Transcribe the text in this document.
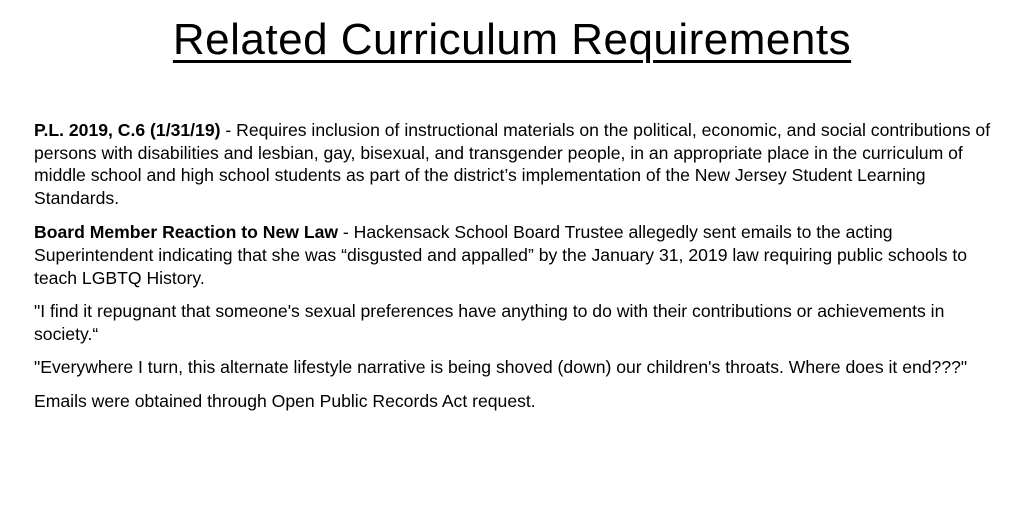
Related Curriculum Requirements

P.L. 2019, C.6 (1/31/19) - Requires inclusion of instructional materials on the political, economic, and social contributions of persons with disabilities and lesbian, gay, bisexual, and transgender people, in an appropriate place in the curriculum of middle school and high school students as part of the district’s implementation of the New Jersey Student Learning Standards.

Board Member Reaction to New Law - Hackensack School Board Trustee allegedly sent emails to the acting Superintendent indicating that she was “disgusted and appalled” by the January 31, 2019 law requiring public schools to teach LGBTQ History.

"I find it repugnant that someone's sexual preferences have anything to do with their contributions or achievements in society.“

"Everywhere I turn, this alternate lifestyle narrative is being shoved (down) our children's throats. Where does it end???"

Emails were obtained through Open Public Records Act request.
